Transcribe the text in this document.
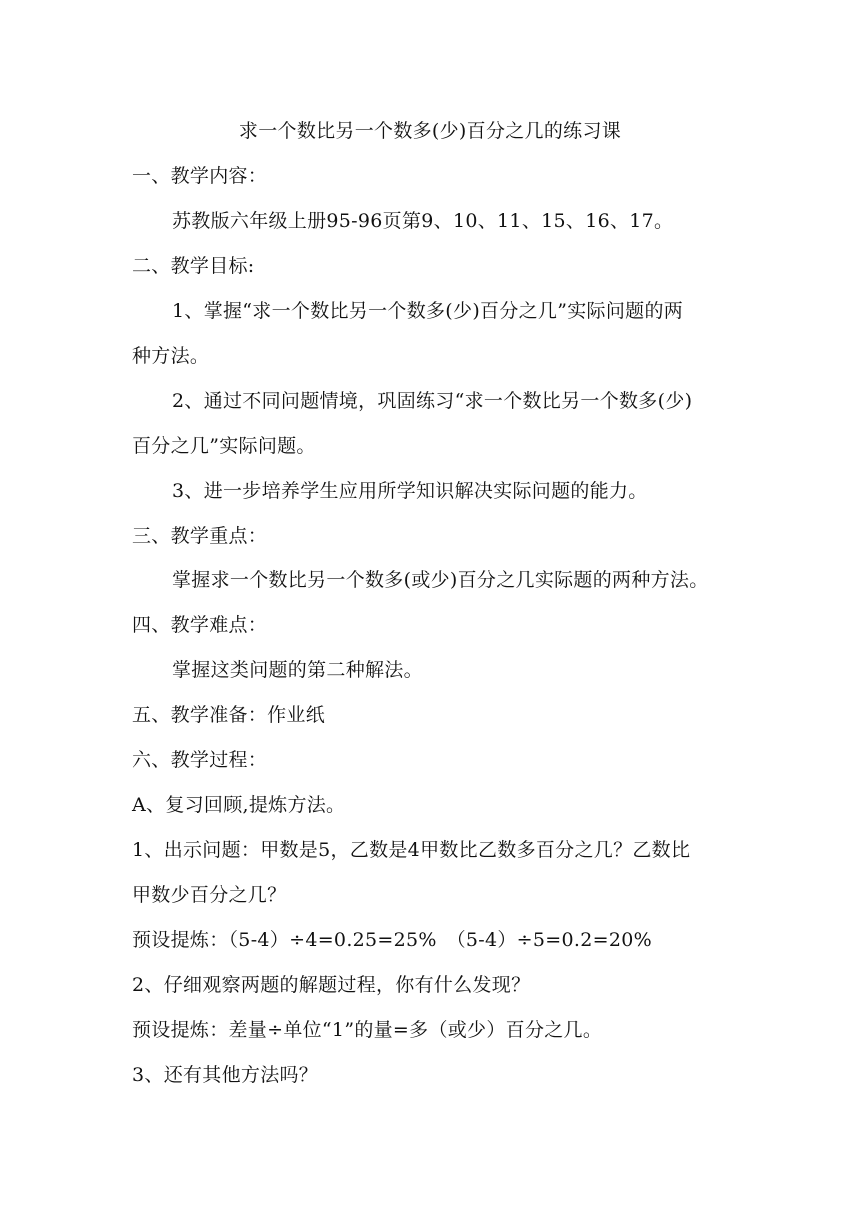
求一个数比另一个数多(少)百分之几的练习课
一、教学内容：
苏教版六年级上册95-96页第9、10、11、15、16、17。
二、教学目标:
1、掌握“求一个数比另一个数多(少)百分之几”实际问题的两
种方法。
2、通过不同问题情境，巩固练习“求一个数比另一个数多(少)
百分之几”实际问题。
3、进一步培养学生应用所学知识解决实际问题的能力。
三、教学重点：
掌握求一个数比另一个数多(或少)百分之几实际题的两种方法。
四、教学难点：
掌握这类问题的第二种解法。
五、教学准备：作业纸
六、教学过程：
A、复习回顾,提炼方法。
1、出示问题：甲数是5，乙数是4甲数比乙数多百分之几？乙数比
甲数少百分之几？
预设提炼：（5-4）÷4=0.25=25%　（5-4）÷5=0.2=20%
2、仔细观察两题的解题过程，你有什么发现？
预设提炼：差量÷单位“1”的量=多（或少）百分之几。
3、还有其他方法吗？
